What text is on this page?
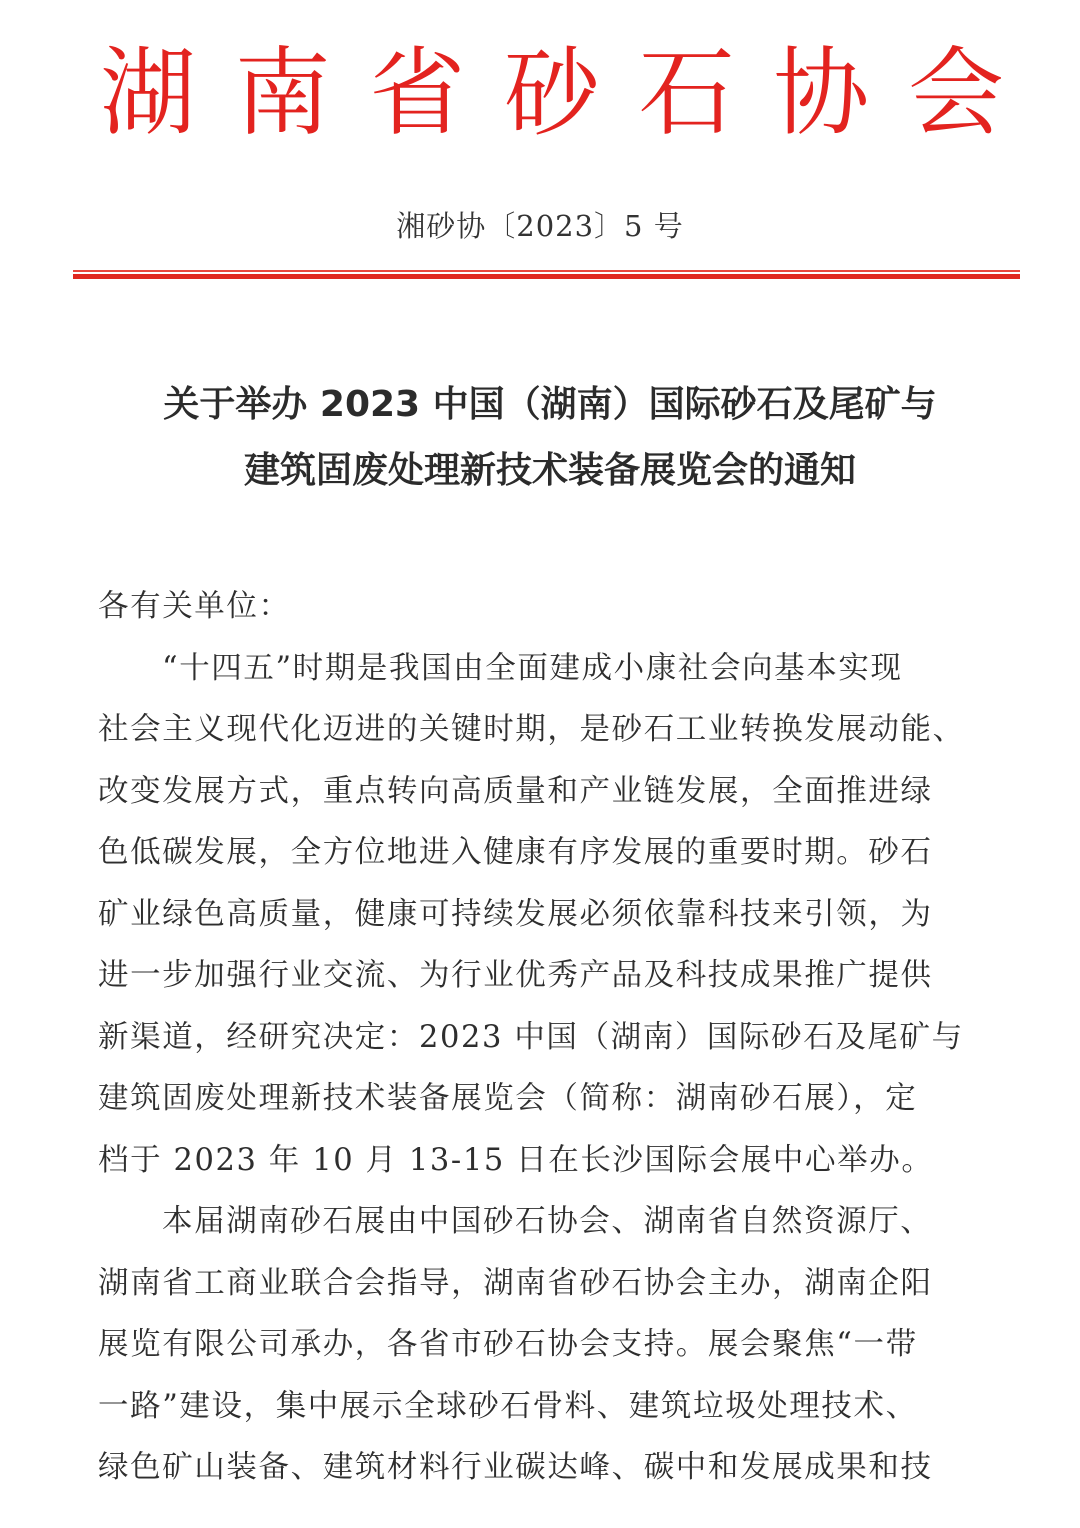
湖 南 省 砂 石 协 会
湘砂协〔2023〕5 号
关于举办 2023 中国（湖南）国际砂石及尾矿与
建筑固废处理新技术装备展览会的通知
各有关单位：
“十四五”时期是我国由全面建成小康社会向基本实现
社会主义现代化迈进的关键时期，是砂石工业转换发展动能、
改变发展方式，重点转向高质量和产业链发展，全面推进绿
色低碳发展，全方位地进入健康有序发展的重要时期。砂石
矿业绿色高质量，健康可持续发展必须依靠科技来引领，为
进一步加强行业交流、为行业优秀产品及科技成果推广提供
新渠道，经研究决定：2023 中国（湖南）国际砂石及尾矿与
建筑固废处理新技术装备展览会（简称：湖南砂石展），定
档于 2023 年 10 月 13-15 日在长沙国际会展中心举办。
本届湖南砂石展由中国砂石协会、湖南省自然资源厅、
湖南省工商业联合会指导，湖南省砂石协会主办，湖南企阳
展览有限公司承办，各省市砂石协会支持。展会聚焦“一带
一路”建设，集中展示全球砂石骨料、建筑垃圾处理技术、
绿色矿山装备、建筑材料行业碳达峰、碳中和发展成果和技
